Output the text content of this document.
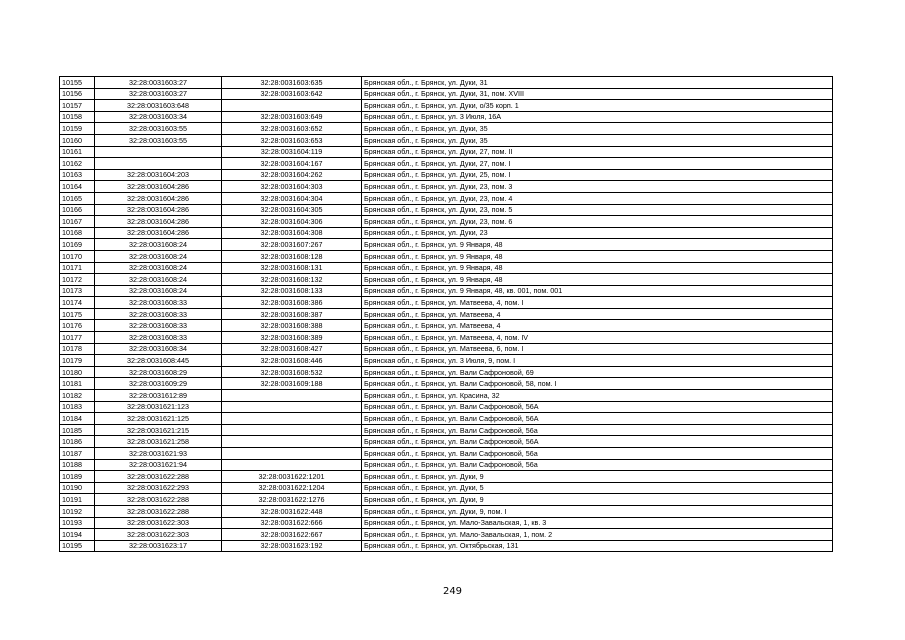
10155	32:28:0031603:27	32:28:0031603:635	Брянская обл., г. Брянск, ул. Дуки, 31
10156	32:28:0031603:27	32:28:0031603:642	Брянская обл., г. Брянск, ул. Дуки, 31, пом. XVIII
10157	32:28:0031603:648		Брянская обл., г. Брянск, ул. Дуки, о/35 корп. 1
10158	32:28:0031603:34	32:28:0031603:649	Брянская обл., г. Брянск, ул. 3 Июля, 16А
10159	32:28:0031603:55	32:28:0031603:652	Брянская обл., г. Брянск, ул. Дуки, 35
10160	32:28:0031603:55	32:28:0031603:653	Брянская обл., г. Брянск, ул. Дуки, 35
10161		32:28:0031604:119	Брянская обл., г. Брянск, ул. Дуки, 27, пом. II
10162		32:28:0031604:167	Брянская обл., г. Брянск, ул. Дуки, 27, пом. I
10163	32:28:0031604:203	32:28:0031604:262	Брянская обл., г. Брянск, ул. Дуки, 25, пом. I
10164	32:28:0031604:286	32:28:0031604:303	Брянская обл., г. Брянск, ул. Дуки, 23, пом. 3
10165	32:28:0031604:286	32:28:0031604:304	Брянская обл., г. Брянск, ул. Дуки, 23, пом. 4
10166	32:28:0031604:286	32:28:0031604:305	Брянская обл., г. Брянск, ул. Дуки, 23, пом. 5
10167	32:28:0031604:286	32:28:0031604:306	Брянская обл., г. Брянск, ул. Дуки, 23, пом. 6
10168	32:28:0031604:286	32:28:0031604:308	Брянская обл., г. Брянск, ул. Дуки, 23
10169	32:28:0031608:24	32:28:0031607:267	Брянская обл., г. Брянск, ул. 9 Января, 48
10170	32:28:0031608:24	32:28:0031608:128	Брянская обл., г. Брянск, ул. 9 Января, 48
10171	32:28:0031608:24	32:28:0031608:131	Брянская обл., г. Брянск, ул. 9 Января, 48
10172	32:28:0031608:24	32:28:0031608:132	Брянская обл., г. Брянск, ул. 9 Января, 48
10173	32:28:0031608:24	32:28:0031608:133	Брянская обл., г. Брянск, ул. 9 Января, 48, кв. 001, пом. 001
10174	32:28:0031608:33	32:28:0031608:386	Брянская обл., г. Брянск, ул. Матвеева, 4, пом. I
10175	32:28:0031608:33	32:28:0031608:387	Брянская обл., г. Брянск, ул. Матвеева, 4
10176	32:28:0031608:33	32:28:0031608:388	Брянская обл., г. Брянск, ул. Матвеева, 4
10177	32:28:0031608:33	32:28:0031608:389	Брянская обл., г. Брянск, ул. Матвеева, 4, пом. IV
10178	32:28:0031608:34	32:28:0031608:427	Брянская обл., г. Брянск, ул. Матвеева, 6, пом. I
10179	32:28:0031608:445	32:28:0031608:446	Брянская обл., г. Брянск, ул. 3 Июля, 9, пом. I
10180	32:28:0031608:29	32:28:0031608:532	Брянская обл., г. Брянск, ул. Вали Сафроновой, 69
10181	32:28:0031609:29	32:28:0031609:188	Брянская обл., г. Брянск, ул. Вали Сафроновой, 58, пом. I
10182	32:28:0031612:89		Брянская обл., г. Брянск, ул. Красина, 32
10183	32:28:0031621:123		Брянская обл., г. Брянск, ул. Вали Сафроновой, 56А
10184	32:28:0031621:125		Брянская обл., г. Брянск, ул. Вали Сафроновой, 56А
10185	32:28:0031621:215		Брянская обл., г. Брянск, ул. Вали Сафроновой, 56а
10186	32:28:0031621:258		Брянская обл., г. Брянск, ул. Вали Сафроновой, 56А
10187	32:28:0031621:93		Брянская обл., г. Брянск, ул. Вали Сафроновой, 56а
10188	32:28:0031621:94		Брянская обл., г. Брянск, ул. Вали Сафроновой, 56а
10189	32:28:0031622:288	32:28:0031622:1201	Брянская обл., г. Брянск, ул. Дуки, 9
10190	32:28:0031622:293	32:28:0031622:1204	Брянская обл., г. Брянск, ул. Дуки, 5
10191	32:28:0031622:288	32:28:0031622:1276	Брянская обл., г. Брянск, ул. Дуки, 9
10192	32:28:0031622:288	32:28:0031622:448	Брянская обл., г. Брянск, ул. Дуки, 9, пом. I
10193	32:28:0031622:303	32:28:0031622:666	Брянская обл., г. Брянск, ул. Мало-Завальская, 1, кв. 3
10194	32:28:0031622:303	32:28:0031622:667	Брянская обл., г. Брянск, ул. Мало-Завальская, 1, пом. 2
10195	32:28:0031623:17	32:28:0031623:192	Брянская обл., г. Брянск, ул. Октябрьская, 131
249
